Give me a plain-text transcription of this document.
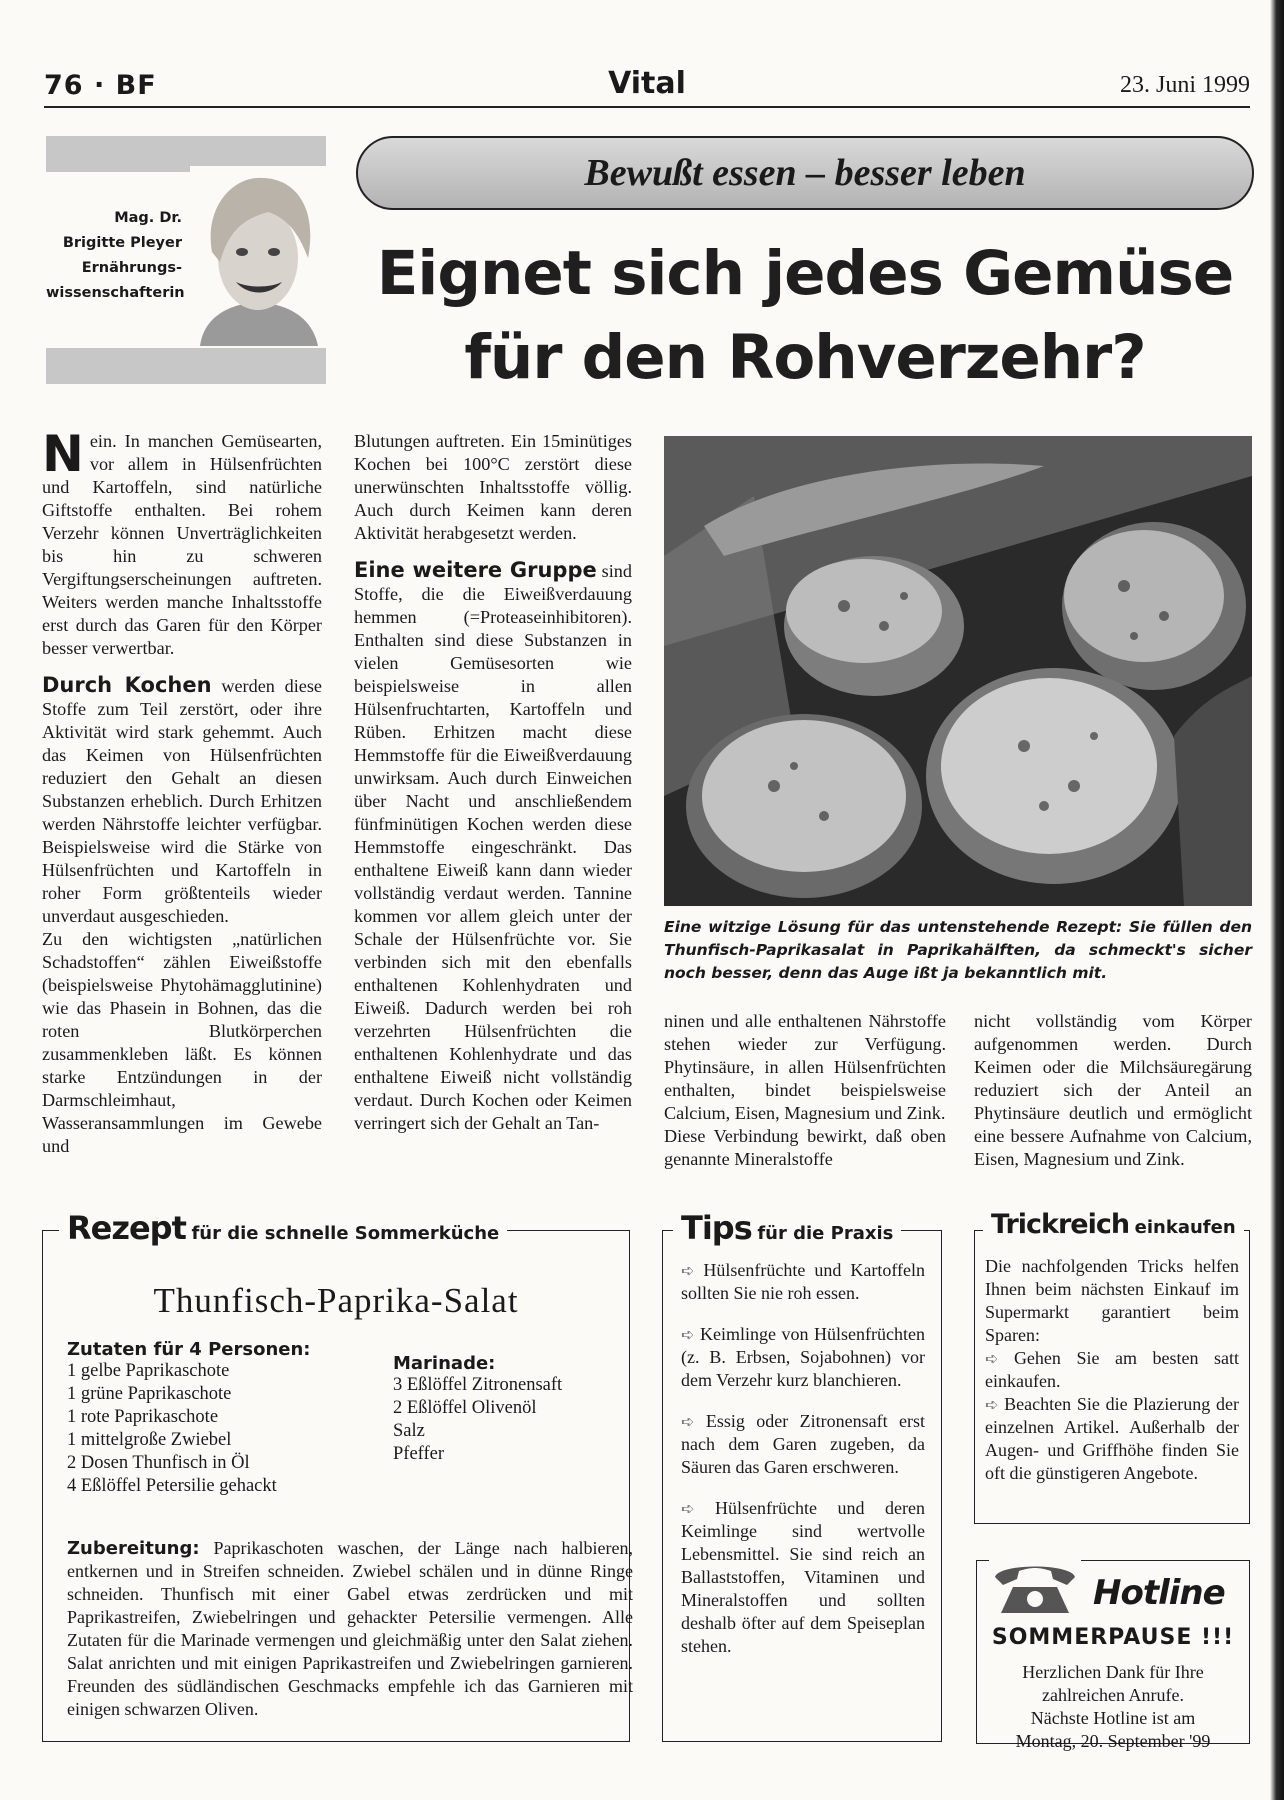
76 · BF	Vital	23. Juni 1999
Mag. Dr.
Brigitte Pleyer
Ernährungs-
wissenschafterin
Bewußt essen – besser leben
Eignet sich jedes Gemüse
für den Rohverzehr?

Nein. In manchen Gemüsearten, vor allem in Hülsenfrüchten und Kartoffeln, sind natürliche Giftstoffe enthalten. Bei rohem Verzehr können Unverträglichkeiten bis hin zu schweren Vergiftungserscheinungen auftreten. Weiters werden manche Inhaltsstoffe erst durch das Garen für den Körper besser verwertbar.

Durch Kochen werden diese Stoffe zum Teil zerstört, oder ihre Aktivität wird stark gehemmt. Auch das Keimen von Hülsenfrüchten reduziert den Gehalt an diesen Substanzen erheblich. Durch Erhitzen werden Nährstoffe leichter verfügbar. Beispielsweise wird die Stärke von Hülsenfrüchten und Kartoffeln in roher Form größtenteils wieder unverdaut ausgeschieden.

Zu den wichtigsten „natürlichen Schadstoffen“ zählen Eiweißstoffe (beispielsweise Phytohämagglutinine) wie das Phasein in Bohnen, das die roten Blutkörperchen zusammenkleben läßt. Es können starke Entzündungen in der Darmschleimhaut, Wasseransammlungen im Gewebe und

Blutungen auftreten. Ein 15minütiges Kochen bei 100°C zerstört diese unerwünschten Inhaltsstoffe völlig. Auch durch Keimen kann deren Aktivität herabgesetzt werden.

Eine weitere Gruppe sind Stoffe, die die Eiweißverdauung hemmen (=Proteaseinhibitoren). Enthalten sind diese Substanzen in vielen Gemüsesorten wie beispielsweise in allen Hülsenfruchtarten, Kartoffeln und Rüben. Erhitzen macht diese Hemmstoffe für die Eiweißverdauung unwirksam. Auch durch Einweichen über Nacht und anschließendem fünfminütigen Kochen werden diese Hemmstoffe eingeschränkt. Das enthaltene Eiweiß kann dann wieder vollständig verdaut werden. Tannine kommen vor allem gleich unter der Schale der Hülsenfrüchte vor. Sie verbinden sich mit den ebenfalls enthaltenen Kohlenhydraten und Eiweiß. Dadurch werden bei roh verzehrten Hülsenfrüchten die enthaltenen Kohlenhydrate und das enthaltene Eiweiß nicht vollständig verdaut. Durch Kochen oder Keimen verringert sich der Gehalt an Tan-

Eine witzige Lösung für das untenstehende Rezept: Sie füllen den Thunfisch-Paprikasalat in Paprikahälften, da schmeckt's sicher noch besser, denn das Auge ißt ja bekanntlich mit.

ninen und alle enthaltenen Nährstoffe stehen wieder zur Verfügung. Phytinsäure, in allen Hülsenfrüchten enthalten, bindet beispielsweise Calcium, Eisen, Magnesium und Zink.

Diese Verbindung bewirkt, daß oben genannte Mineralstoffe

nicht vollständig vom Körper aufgenommen werden. Durch Keimen oder die Milchsäuregärung reduziert sich der Anteil an Phytinsäure deutlich und ermöglicht eine bessere Aufnahme von Calcium, Eisen, Magnesium und Zink.

Rezept für die schnelle Sommerküche
Thunfisch-Paprika-Salat
Zutaten für 4 Personen:
1 gelbe Paprikaschote
1 grüne Paprikaschote
1 rote Paprikaschote
1 mittelgroße Zwiebel
2 Dosen Thunfisch in Öl
4 Eßlöffel Petersilie gehackt
Marinade:
3 Eßlöffel Zitronensaft
2 Eßlöffel Olivenöl
Salz
Pfeffer
Zubereitung: Paprikaschoten waschen, der Länge nach halbieren, entkernen und in Streifen schneiden. Zwiebel schälen und in dünne Ringe schneiden. Thunfisch mit einer Gabel etwas zerdrücken und mit Paprikastreifen, Zwiebelringen und gehackter Petersilie vermengen. Alle Zutaten für die Marinade vermengen und gleichmäßig unter den Salat ziehen. Salat anrichten und mit einigen Paprikastreifen und Zwiebelringen garnieren. Freunden des südländischen Geschmacks empfehle ich das Garnieren mit einigen schwarzen Oliven.
Tips für die Praxis

➪ Hülsenfrüchte und Kartoffeln sollten Sie nie roh essen.

➪ Keimlinge von Hülsenfrüchten (z. B. Erbsen, Sojabohnen) vor dem Verzehr kurz blanchieren.

➪ Essig oder Zitronensaft erst nach dem Garen zugeben, da Säuren das Garen erschweren.

➪ Hülsenfrüchte und deren Keimlinge sind wertvolle Lebensmittel. Sie sind reich an Ballaststoffen, Vitaminen und Mineralstoffen und sollten deshalb öfter auf dem Speiseplan stehen.

Trickreich einkaufen

Die nachfolgenden Tricks helfen Ihnen beim nächsten Einkauf im Supermarkt garantiert beim Sparen:

➪ Gehen Sie am besten satt einkaufen.

➪ Beachten Sie die Plazierung der einzelnen Artikel. Außerhalb der Augen- und Griffhöhe finden Sie oft die günstigeren Angebote.

Hotline
SOMMERPAUSE !!!
Herzlichen Dank für Ihre
zahlreichen Anrufe.
Nächste Hotline ist am
Montag, 20. September '99
